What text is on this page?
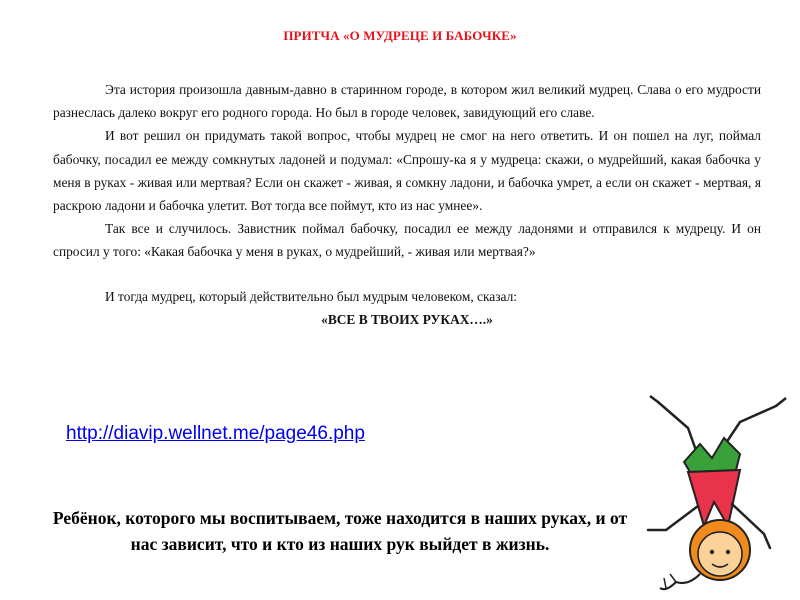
ПРИТЧА «О МУДРЕЦЕ И БАБОЧКЕ»

Эта история произошла давным-давно в старинном городе, в котором жил великий мудрец. Слава о его мудрости разнеслась далеко вокруг его родного города. Но был в городе человек, завидующий его славе.

И вот решил он придумать такой вопрос, чтобы мудрец не смог на него ответить. И он пошел на луг, поймал бабочку, посадил ее между сомкнутых ладоней и подумал: «Спрошу-ка я у мудреца: скажи, о мудрейший, какая бабочка у меня в руках - живая или мертвая? Если он скажет - живая, я сомкну ладони, и бабочка умрет, а если он скажет - мертвая, я раскрою ладони и бабочка улетит. Вот тогда все поймут, кто из нас умнее».

Так все и случилось. Завистник поймал бабочку, посадил ее между ладонями и отправился к мудрецу. И он спросил у того: «Какая бабочка у меня в руках, о мудрейший, - живая или мертвая?»

И тогда мудрец, который действительно был мудрым человеком, сказал:

«ВСЕ В ТВОИХ РУКАХ….»

http://diavip.wellnet.me/page46.php
Ребёнок, которого мы воспитываем, тоже находится в наших руках, и от нас зависит, что и кто из наших рук выйдет в жизнь.
